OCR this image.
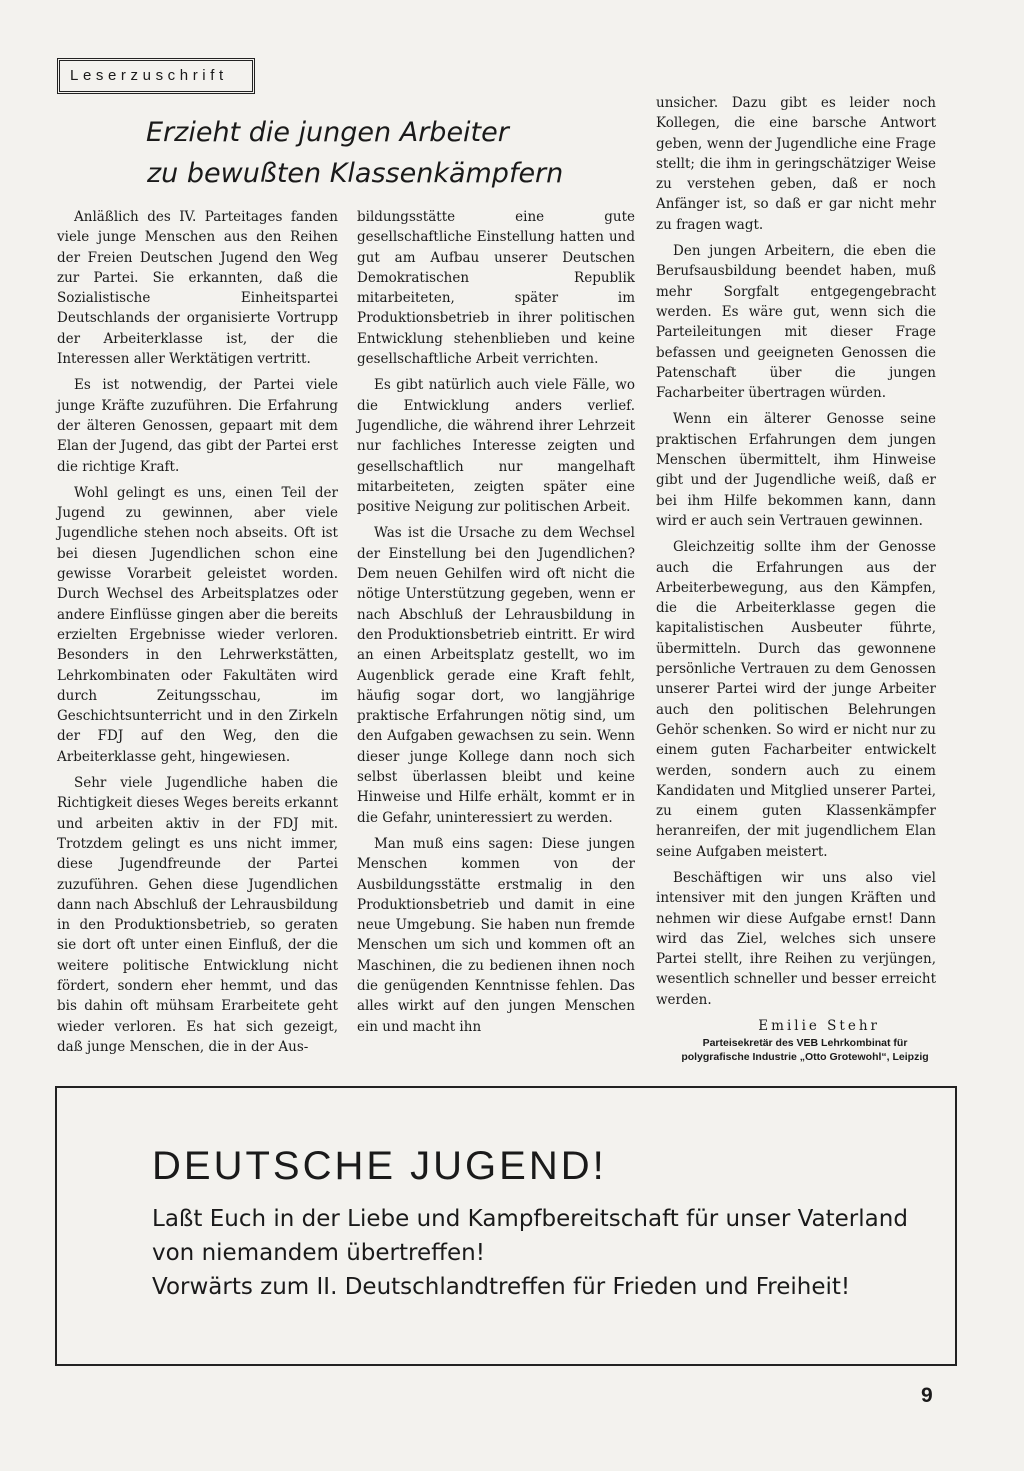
Leserzuschrift
Erzieht die jungen Arbeiter
zu bewußten Klassenkämpfern

Anläßlich des IV. Parteitages fanden viele junge Menschen aus den Reihen der Freien Deutschen Jugend den Weg zur Partei. Sie erkannten, daß die Sozialistische Einheitspartei Deutschlands der organisierte Vortrupp der Arbeiterklasse ist, der die Interessen aller Werktätigen vertritt.

Es ist notwendig, der Partei viele junge Kräfte zuzuführen. Die Erfahrung der älteren Genossen, gepaart mit dem Elan der Jugend, das gibt der Partei erst die richtige Kraft.

Wohl gelingt es uns, einen Teil der Jugend zu gewinnen, aber viele Jugendliche stehen noch abseits. Oft ist bei diesen Jugendlichen schon eine gewisse Vorarbeit geleistet worden. Durch Wechsel des Arbeitsplatzes oder andere Einflüsse gingen aber die bereits erzielten Ergebnisse wieder verloren. Besonders in den Lehrwerkstätten, Lehrkombinaten oder Fakultäten wird durch Zeitungsschau, im Geschichtsunterricht und in den Zirkeln der FDJ auf den Weg, den die Arbeiterklasse geht, hingewiesen.

Sehr viele Jugendliche haben die Richtigkeit dieses Weges bereits erkannt und arbeiten aktiv in der FDJ mit. Trotzdem gelingt es uns nicht immer, diese Jugendfreunde der Partei zuzuführen. Gehen diese Jugendlichen dann nach Abschluß der Lehrausbildung in den Produktionsbetrieb, so geraten sie dort oft unter einen Einfluß, der die weitere politische Entwicklung nicht fördert, sondern eher hemmt, und das bis dahin oft mühsam Erarbeitete geht wieder verloren. Es hat sich gezeigt, daß junge Menschen, die in der Aus-

bildungsstätte eine gute gesellschaftliche Einstellung hatten und gut am Aufbau unserer Deutschen Demokratischen Republik mitarbeiteten, später im Produktionsbetrieb in ihrer politischen Entwicklung stehenblieben und keine gesellschaftliche Arbeit verrichten.

Es gibt natürlich auch viele Fälle, wo die Entwicklung anders verlief. Jugendliche, die während ihrer Lehrzeit nur fachliches Interesse zeigten und gesellschaftlich nur mangelhaft mitarbeiteten, zeigten später eine positive Neigung zur politischen Arbeit.

Was ist die Ursache zu dem Wechsel der Einstellung bei den Jugendlichen? Dem neuen Gehilfen wird oft nicht die nötige Unterstützung gegeben, wenn er nach Abschluß der Lehrausbildung in den Produktionsbetrieb eintritt. Er wird an einen Arbeitsplatz gestellt, wo im Augenblick gerade eine Kraft fehlt, häufig sogar dort, wo langjährige praktische Erfahrungen nötig sind, um den Aufgaben gewachsen zu sein. Wenn dieser junge Kollege dann noch sich selbst überlassen bleibt und keine Hinweise und Hilfe erhält, kommt er in die Gefahr, uninteressiert zu werden.

Man muß eins sagen: Diese jungen Menschen kommen von der Ausbildungsstätte erstmalig in den Produktionsbetrieb und damit in eine neue Umgebung. Sie haben nun fremde Menschen um sich und kommen oft an Maschinen, die zu bedienen ihnen noch die genügenden Kenntnisse fehlen. Das alles wirkt auf den jungen Menschen ein und macht ihn

unsicher. Dazu gibt es leider noch Kollegen, die eine barsche Antwort geben, wenn der Jugendliche eine Frage stellt; die ihm in geringschätziger Weise zu verstehen geben, daß er noch Anfänger ist, so daß er gar nicht mehr zu fragen wagt.

Den jungen Arbeitern, die eben die Berufsausbildung beendet haben, muß mehr Sorgfalt entgegengebracht werden. Es wäre gut, wenn sich die Parteileitungen mit dieser Frage befassen und geeigneten Genossen die Patenschaft über die jungen Facharbeiter übertragen würden.

Wenn ein älterer Genosse seine praktischen Erfahrungen dem jungen Menschen übermittelt, ihm Hinweise gibt und der Jugendliche weiß, daß er bei ihm Hilfe bekommen kann, dann wird er auch sein Vertrauen gewinnen.

Gleichzeitig sollte ihm der Genosse auch die Erfahrungen aus der Arbeiterbewegung, aus den Kämpfen, die die Arbeiterklasse gegen die kapitalistischen Ausbeuter führte, übermitteln. Durch das gewonnene persönliche Vertrauen zu dem Genossen unserer Partei wird der junge Arbeiter auch den politischen Belehrungen Gehör schenken. So wird er nicht nur zu einem guten Facharbeiter entwickelt werden, sondern auch zu einem Kandidaten und Mitglied unserer Partei, zu einem guten Klassenkämpfer heranreifen, der mit jugendlichem Elan seine Aufgaben meistert.

Beschäftigen wir uns also viel intensiver mit den jungen Kräften und nehmen wir diese Aufgabe ernst! Dann wird das Ziel, welches sich unsere Partei stellt, ihre Reihen zu verjüngen, wesentlich schneller und besser erreicht werden.

Emilie Stehr
Parteisekretär des VEB Lehrkombinat für polygrafische Industrie „Otto Grotewohl“, Leipzig
DEUTSCHE JUGEND!
Laßt Euch in der Liebe und Kampfbereitschaft für unser Vaterland
von niemandem übertreffen!
Vorwärts zum II. Deutschlandtreffen für Frieden und Freiheit!
9
